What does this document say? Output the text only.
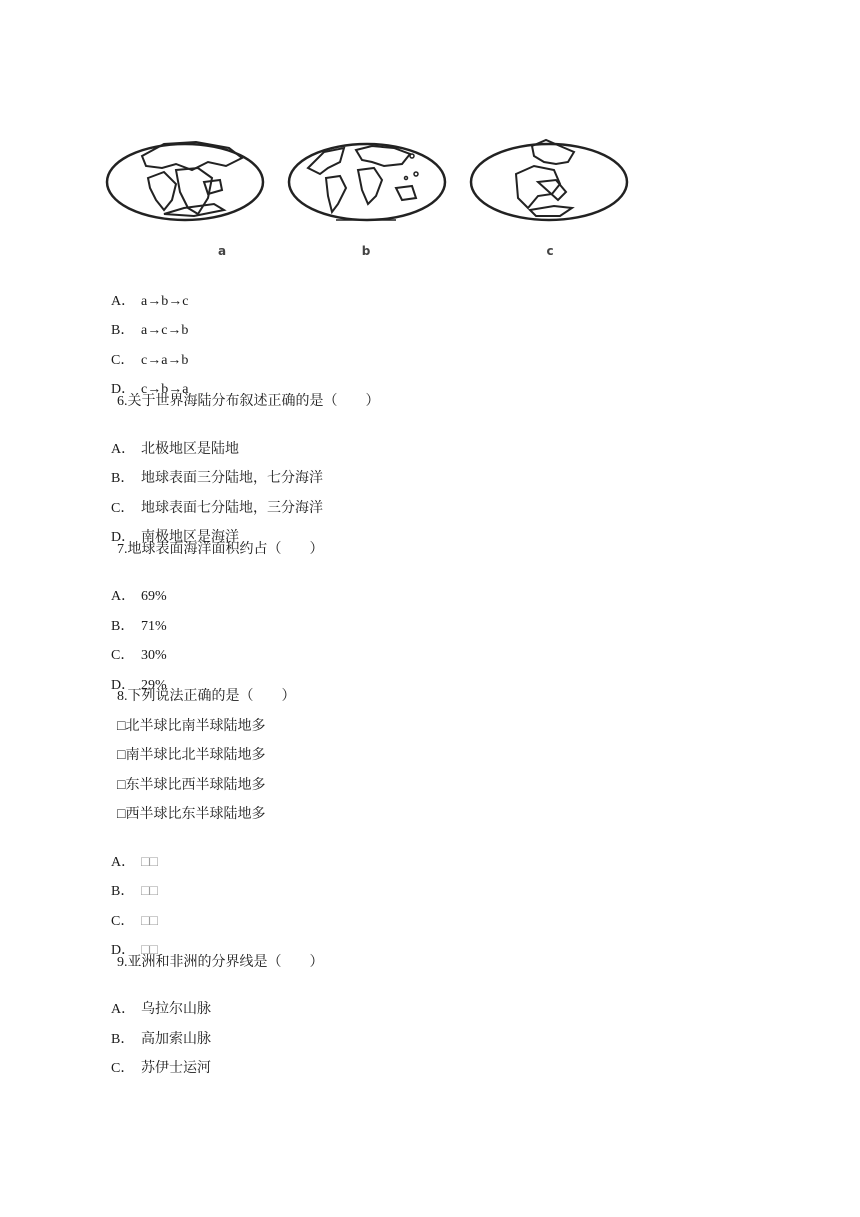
a	b	c

A． a→b→c

B． a→c→b

C． c→a→b

D． c→b→a

6.关于世界海陆分布叙述正确的是（　　）

A． 北极地区是陆地

B． 地球表面三分陆地，七分海洋

C． 地球表面七分陆地，三分海洋

D． 南极地区是海洋

7.地球表面海洋面积约占（　　）

A． 69%

B． 71%

C． 30%

D． 29%

8.下列说法正确的是（　　）
□北半球比南半球陆地多
□南半球比北半球陆地多
□东半球比西半球陆地多
□西半球比东半球陆地多

A． □□

B． □□

C． □□

D． □□

9.亚洲和非洲的分界线是（　　）

A． 乌拉尔山脉

B． 高加索山脉

C． 苏伊士运河
